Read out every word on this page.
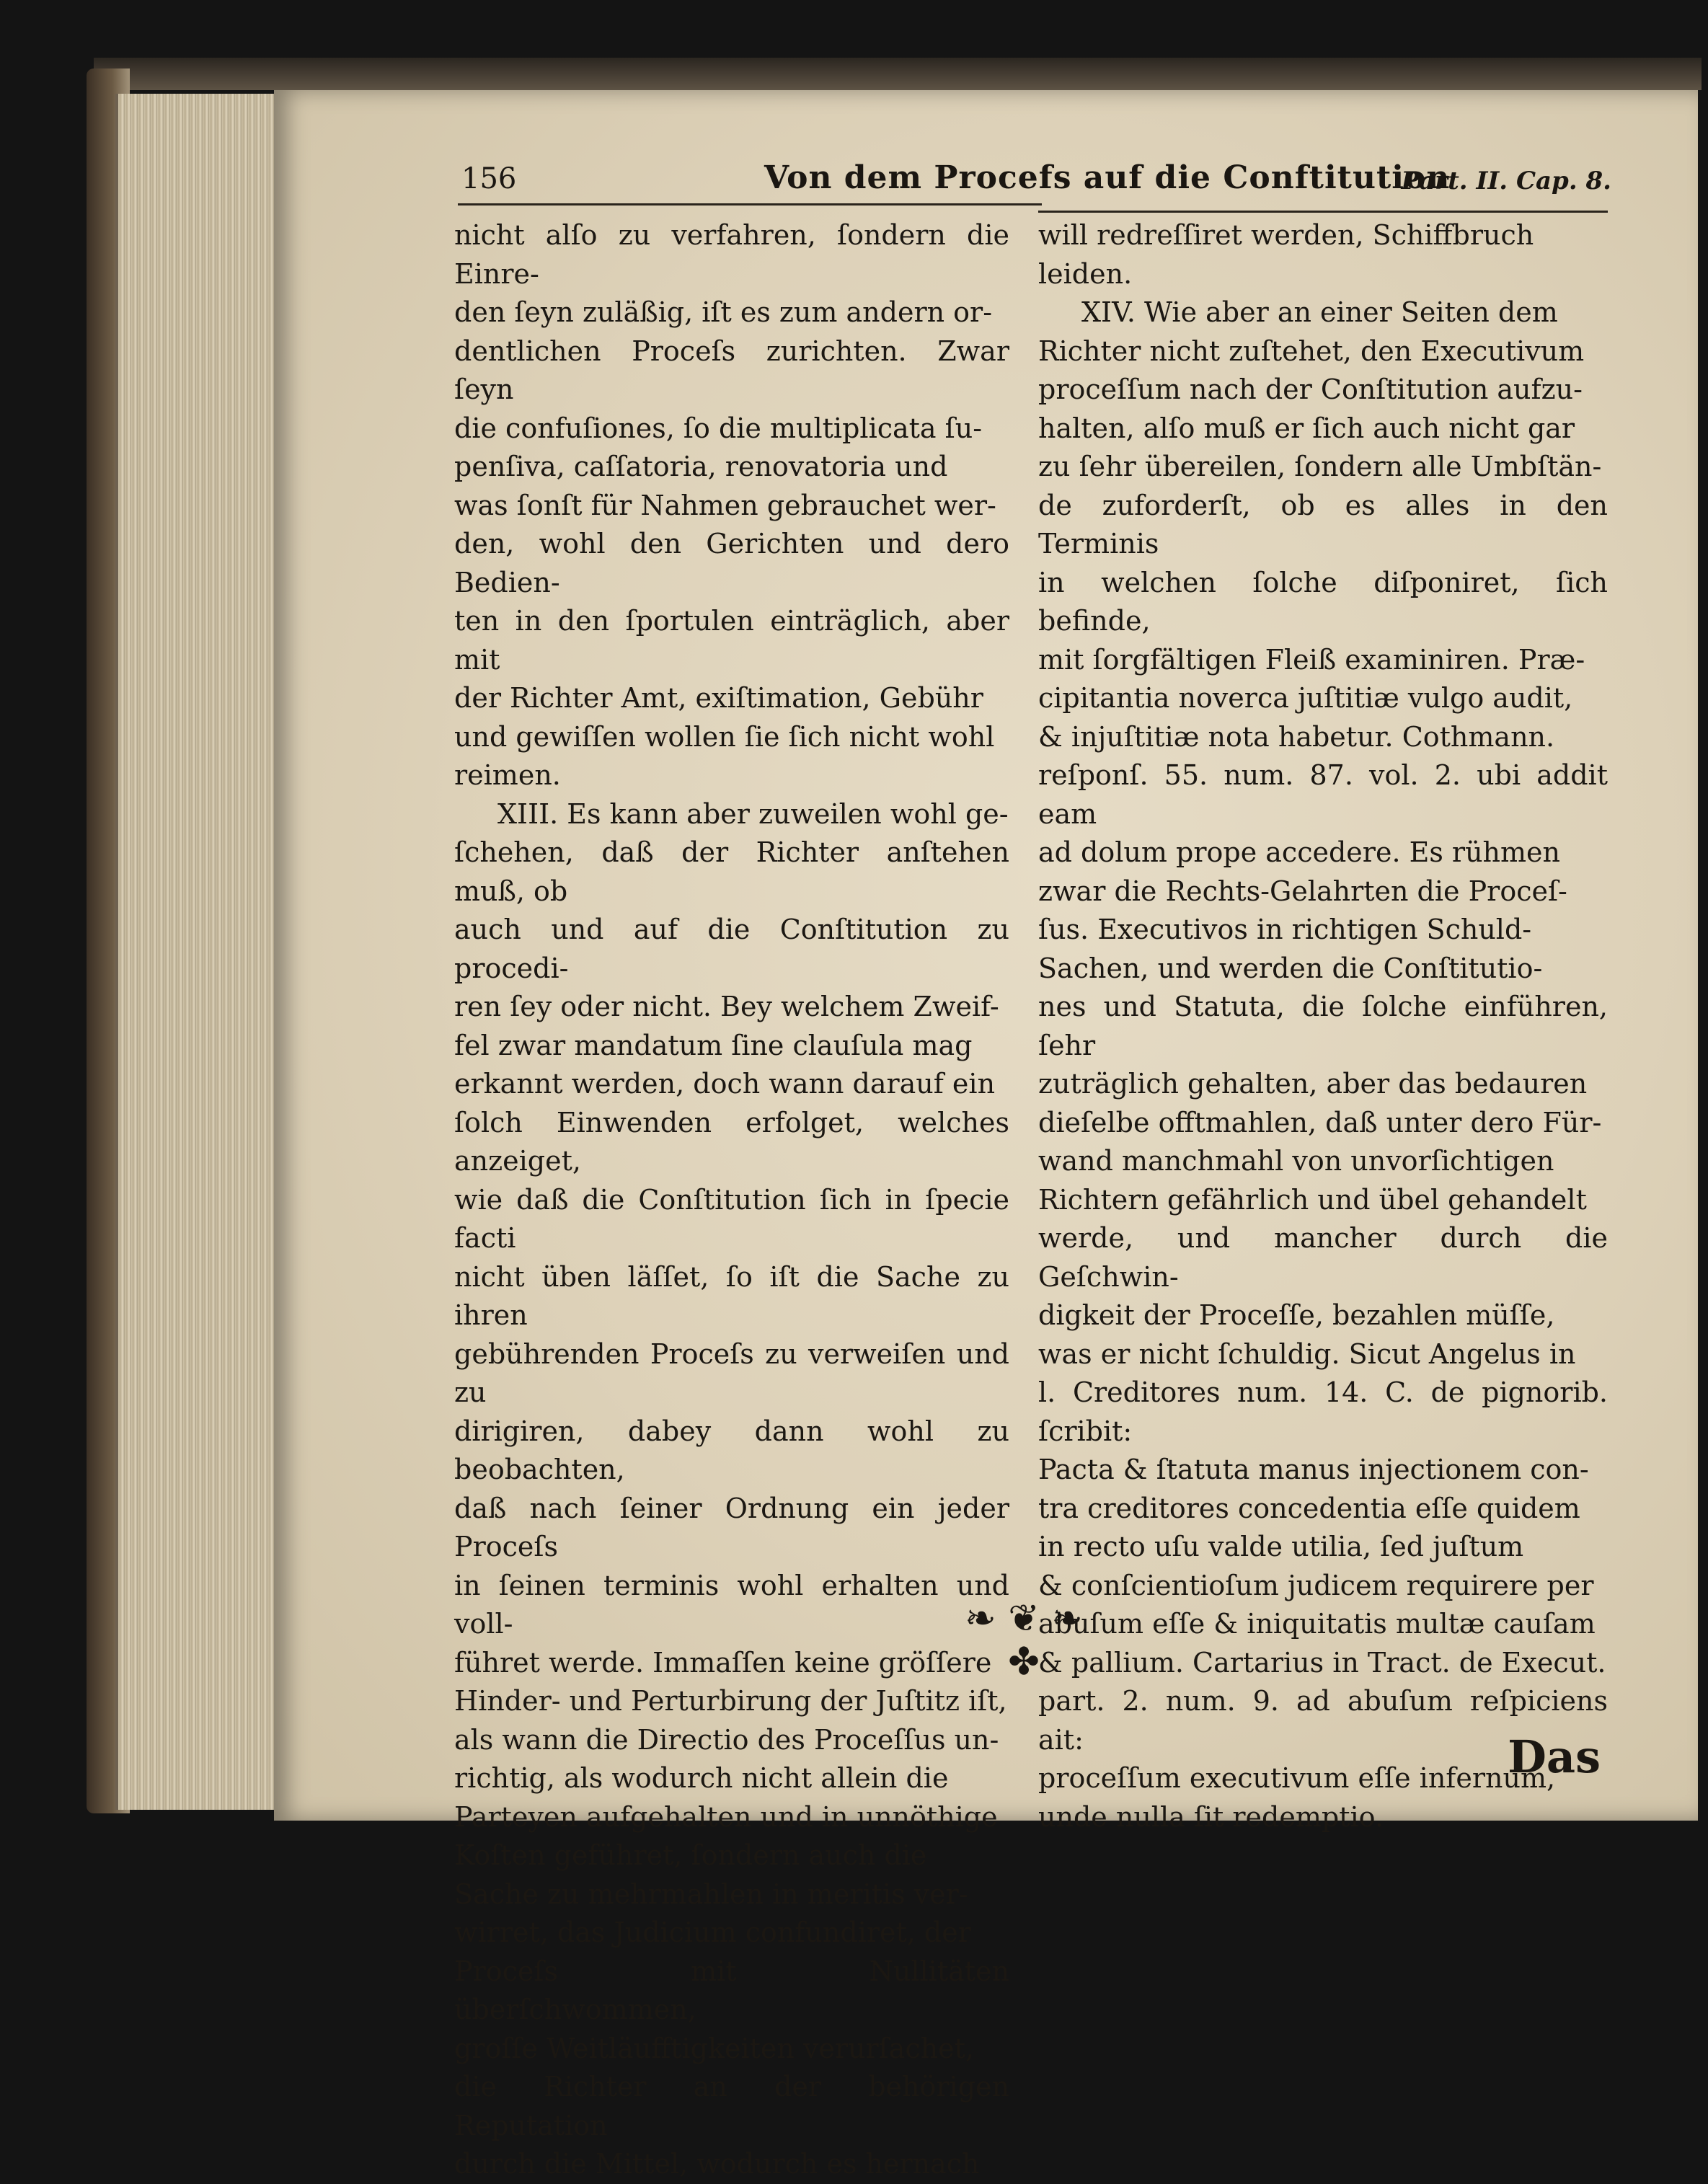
156	Von dem Procefs auf die Conftitution
Part. II. Cap. 8.

nicht alſo zu verfahren, ſondern die Einre-

den ſeyn zuläßig, iſt es zum andern or-

dentlichen Proceſs zurichten. Zwar ſeyn

die confuſiones, ſo die multiplicata ſu-

penſiva, caſſatoria, renovatoria und

was ſonſt für Nahmen gebrauchet wer-

den, wohl den Gerichten und dero Bedien-

ten in den ſportulen einträglich, aber mit

der Richter Amt, exiſtimation, Gebühr

und gewiſſen wollen ſie ſich nicht wohl

reimen.

XIII. Es kann aber zuweilen wohl ge-

ſchehen, daß der Richter anſtehen muß, ob

auch und auf die Conſtitution zu procedi-

ren ſey oder nicht. Bey welchem Zweif-

fel zwar mandatum ſine clauſula mag

erkannt werden, doch wann darauf ein

ſolch Einwenden erfolget, welches anzeiget,

wie daß die Conſtitution ſich in ſpecie facti

nicht üben läſſet, ſo iſt die Sache zu ihren

gebührenden Proceſs zu verweiſen und zu

dirigiren, dabey dann wohl zu beobachten,

daß nach ſeiner Ordnung ein jeder Proceſs

in ſeinen terminis wohl erhalten und voll-

führet werde. Immaſſen keine gröſſere

Hinder- und Perturbirung der Juſtitz iſt,

als wann die Directio des Proceſſus un-

richtig, als wodurch nicht allein die

Parteyen aufgehalten und in unnöthige

Koſten geführet, ſondern auch die

Sache zu mehrmahlen in meritis ver-

wirret, das Judicium confundiret, der

Proceſs mit Nullitäten überſchwommen,

groſſe Weitläufftigkeiten verurſachet,

die Richter an der behörigen Reputation

durch die Mittel, wodurch es hernach

will redreſſiret werden, Schiffbruch

leiden.

XIV. Wie aber an einer Seiten dem

Richter nicht zuſtehet, den Executivum

proceſſum nach der Conſtitution aufzu-

halten, alſo muß er ſich auch nicht gar

zu ſehr übereilen, ſondern alle Umbſtän-

de zuforderſt, ob es alles in den Terminis

in welchen ſolche diſponiret, ſich befinde,

mit ſorgfältigen Fleiß examiniren. Præ-

cipitantia noverca juſtitiæ vulgo audit,

& injuſtitiæ nota habetur. Cothmann.

reſponſ. 55. num. 87. vol. 2. ubi addit eam

ad dolum prope accedere. Es rühmen

zwar die Rechts-Gelahrten die Proceſ-

ſus. Executivos in richtigen Schuld-

Sachen, und werden die Conſtitutio-

nes und Statuta, die ſolche einführen, ſehr

zuträglich gehalten, aber das bedauren

dieſelbe offtmahlen, daß unter dero Für-

wand manchmahl von unvorſichtigen

Richtern gefährlich und übel gehandelt

werde, und mancher durch die Geſchwin-

digkeit der Proceſſe, bezahlen müſſe,

was er nicht ſchuldig. Sicut Angelus in

l. Creditores num. 14. C. de pignorib. ſcribit:

Pacta & ſtatuta manus injectionem con-

tra creditores concedentia eſſe quidem

in recto uſu valde utilia, ſed juſtum

& conſcientioſum judicem requirere per

abuſum eſſe & iniquitatis multæ cauſam

& pallium. Cartarius in Tract. de Execut.

part. 2. num. 9. ad abuſum reſpiciens ait:

proceſſum executivum eſſe infernum,

unde nulla ſit redemptio.

❧ ❦ ❧
✤
Das
